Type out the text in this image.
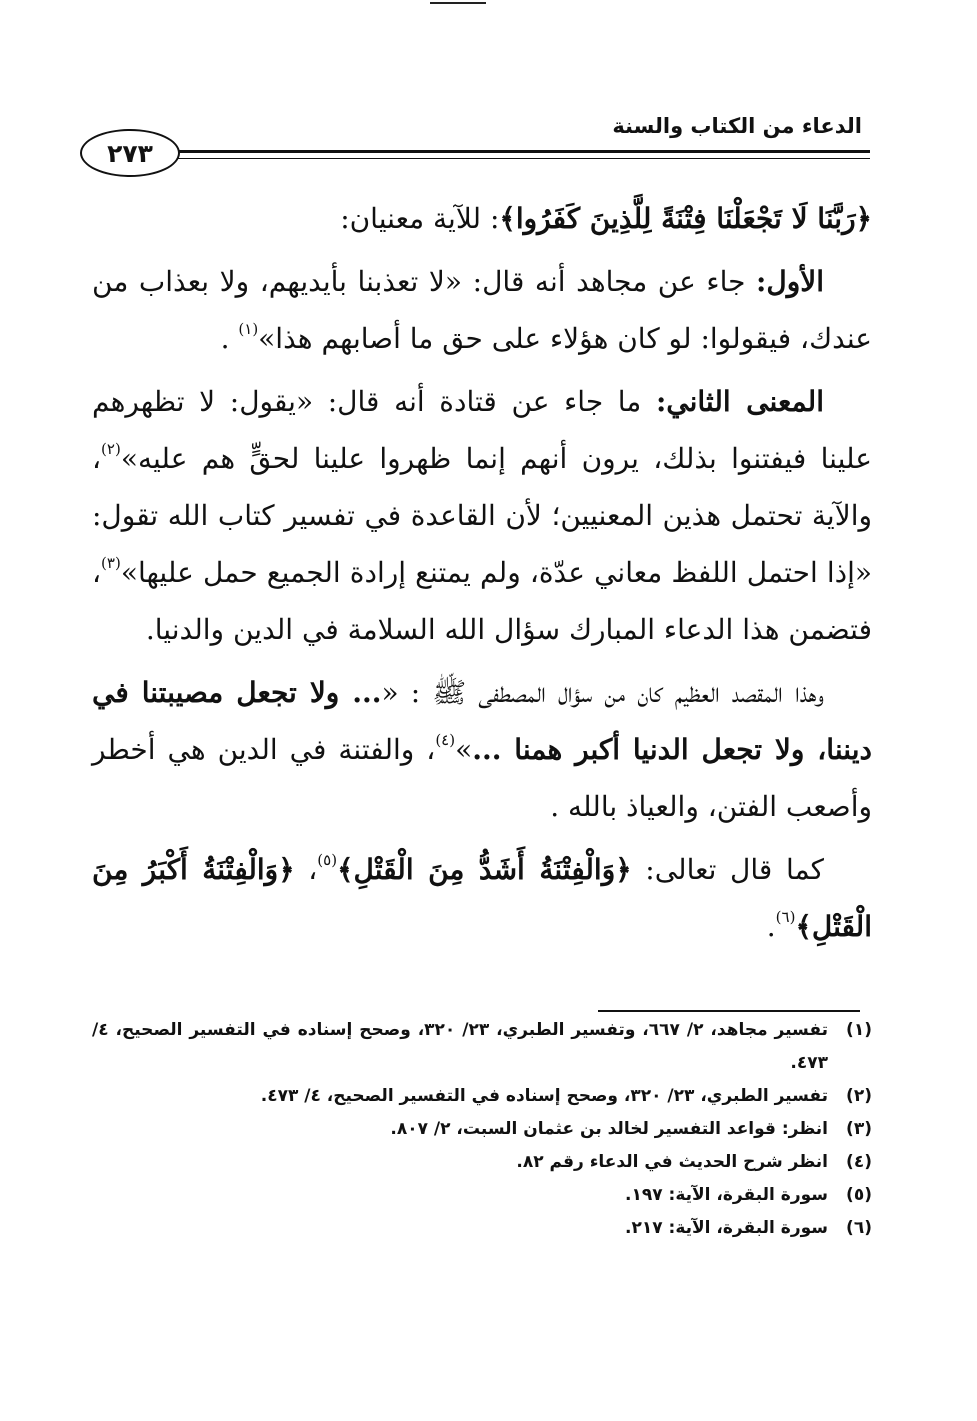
الدعاء من الكتاب والسنة
٢٧٣

﴿رَبَّنَا لَا تَجْعَلْنَا فِتْنَةً لِلَّذِينَ كَفَرُوا﴾: للآية معنيان:

الأول: جاء عن مجاهد أنه قال: «لا تعذبنا بأيديهم، ولا بعذاب من عندك، فيقولوا: لو كان هؤلاء على حق ما أصابهم هذا»$^{(١)}$ .

المعنى الثاني: ما جاء عن قتادة أنه قال: «يقول: لا تظهرهم علينا فيفتنوا بذلك، يرون أنهم إنما ظهروا علينا لحقٍّ هم عليه»$^{(٢)}$، والآية تحتمل هذين المعنيين؛ لأن القاعدة في تفسير كتاب الله تقول: «إذا احتمل اللفظ معاني عدّة، ولم يمتنع إرادة الجميع حمل عليها»$^{(٣)}$، فتضمن هذا الدعاء المبارك سؤال الله السلامة في الدين والدنيا.

وهذا المقصد العظيم كان من سؤال المصطفى ﷺ : «... ولا تجعل مصيبتنا في ديننا، ولا تجعل الدنيا أكبر همنا ...»$^{(٤)}$، والفتنة في الدين هي أخطر وأصعب الفتن، والعياذ بالله .

كما قال تعالى: ﴿وَالْفِتْنَةُ أَشَدُّ مِنَ الْقَتْلِ﴾$^{(٥)}$، ﴿وَالْفِتْنَةُ أَكْبَرُ مِنَ الْقَتْلِ﴾$^{(٦)}$.

(١)
تفسير مجاهد، ٢/ ٦٦٧، وتفسير الطبري، ٢٣/ ٣٢٠، وصحح إسناده في التفسير الصحيح، ٤/ ٤٧٣.
(٢)
تفسير الطبري، ٢٣/ ٣٢٠، وصحح إسناده في التفسير الصحيح، ٤/ ٤٧٣.
(٣)
انظر: قواعد التفسير لخالد بن عثمان السبت، ٢/ ٨٠٧.
(٤)
انظر شرح الحديث في الدعاء رقم ٨٢.
(٥)
سورة البقرة، الآية: ١٩٧.
(٦)
سورة البقرة، الآية: ٢١٧.
